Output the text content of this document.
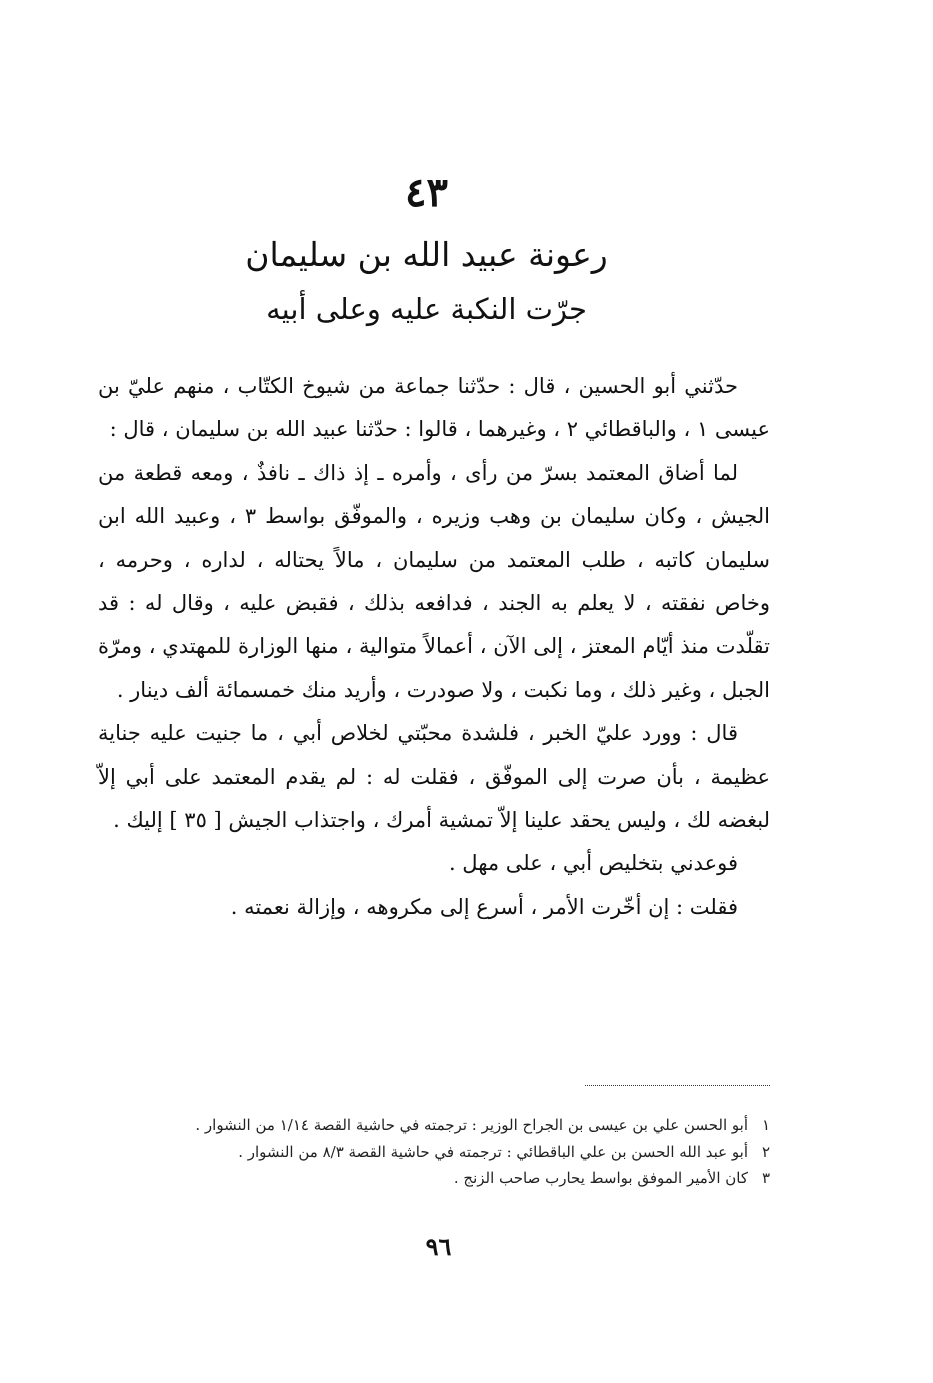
٤٣
رعونة عبيد الله بن سليمان
جرّت النكبة عليه وعلى أبيه

حدّثني أبو الحسين ، قال : حدّثنا جماعة من شيوخ الكتّاب ، منهم عليّ بن عيسى ١ ، والباقطائي ٢ ، وغيرهما ، قالوا : حدّثنا عبيد الله بن سليمان ، قال :

لما أضاق المعتمد بسرّ من رأى ، وأمره ـ إذ ذاك ـ نافذٌ ، ومعه قطعة من الجيش ، وكان سليمان بن وهب وزيره ، والموفّق بواسط ٣ ، وعبيد الله ابن سليمان كاتبه ، طلب المعتمد من سليمان ، مالاً يحتاله ، لداره ، وحرمه ، وخاص نفقته ، لا يعلم به الجند ، فدافعه بذلك ، فقبض عليه ، وقال له : قد تقلّدت منذ أيّام المعتز ، إلى الآن ، أعمالاً متوالية ، منها الوزارة للمهتدي ، ومرّة الجبل ، وغير ذلك ، وما نكبت ، ولا صودرت ، وأريد منك خمسمائة ألف دينار .

قال : وورد عليّ الخبر ، فلشدة محبّتي لخلاص أبي ، ما جنيت عليه جناية عظيمة ، بأن صرت إلى الموفّق ، فقلت له : لم يقدم المعتمد على أبي إلاّ لبغضه لك ، وليس يحقد علينا إلاّ تمشية أمرك ، واجتذاب الجيش [ ٣٥ ] إليك .

فوعدني بتخليص أبي ، على مهل .

فقلت : إن أخّرت الأمر ، أسرع إلى مكروهه ، وإزالة نعمته .

١
أبو الحسن علي بن عيسى بن الجراح الوزير : ترجمته في حاشية القصة ١/١٤ من النشوار .

٢
أبو عبد الله الحسن بن علي الباقطائي : ترجمته في حاشية القصة ٨/٣ من النشوار .

٣
كان الأمير الموفق بواسط يحارب صاحب الزنج .

٩٦
